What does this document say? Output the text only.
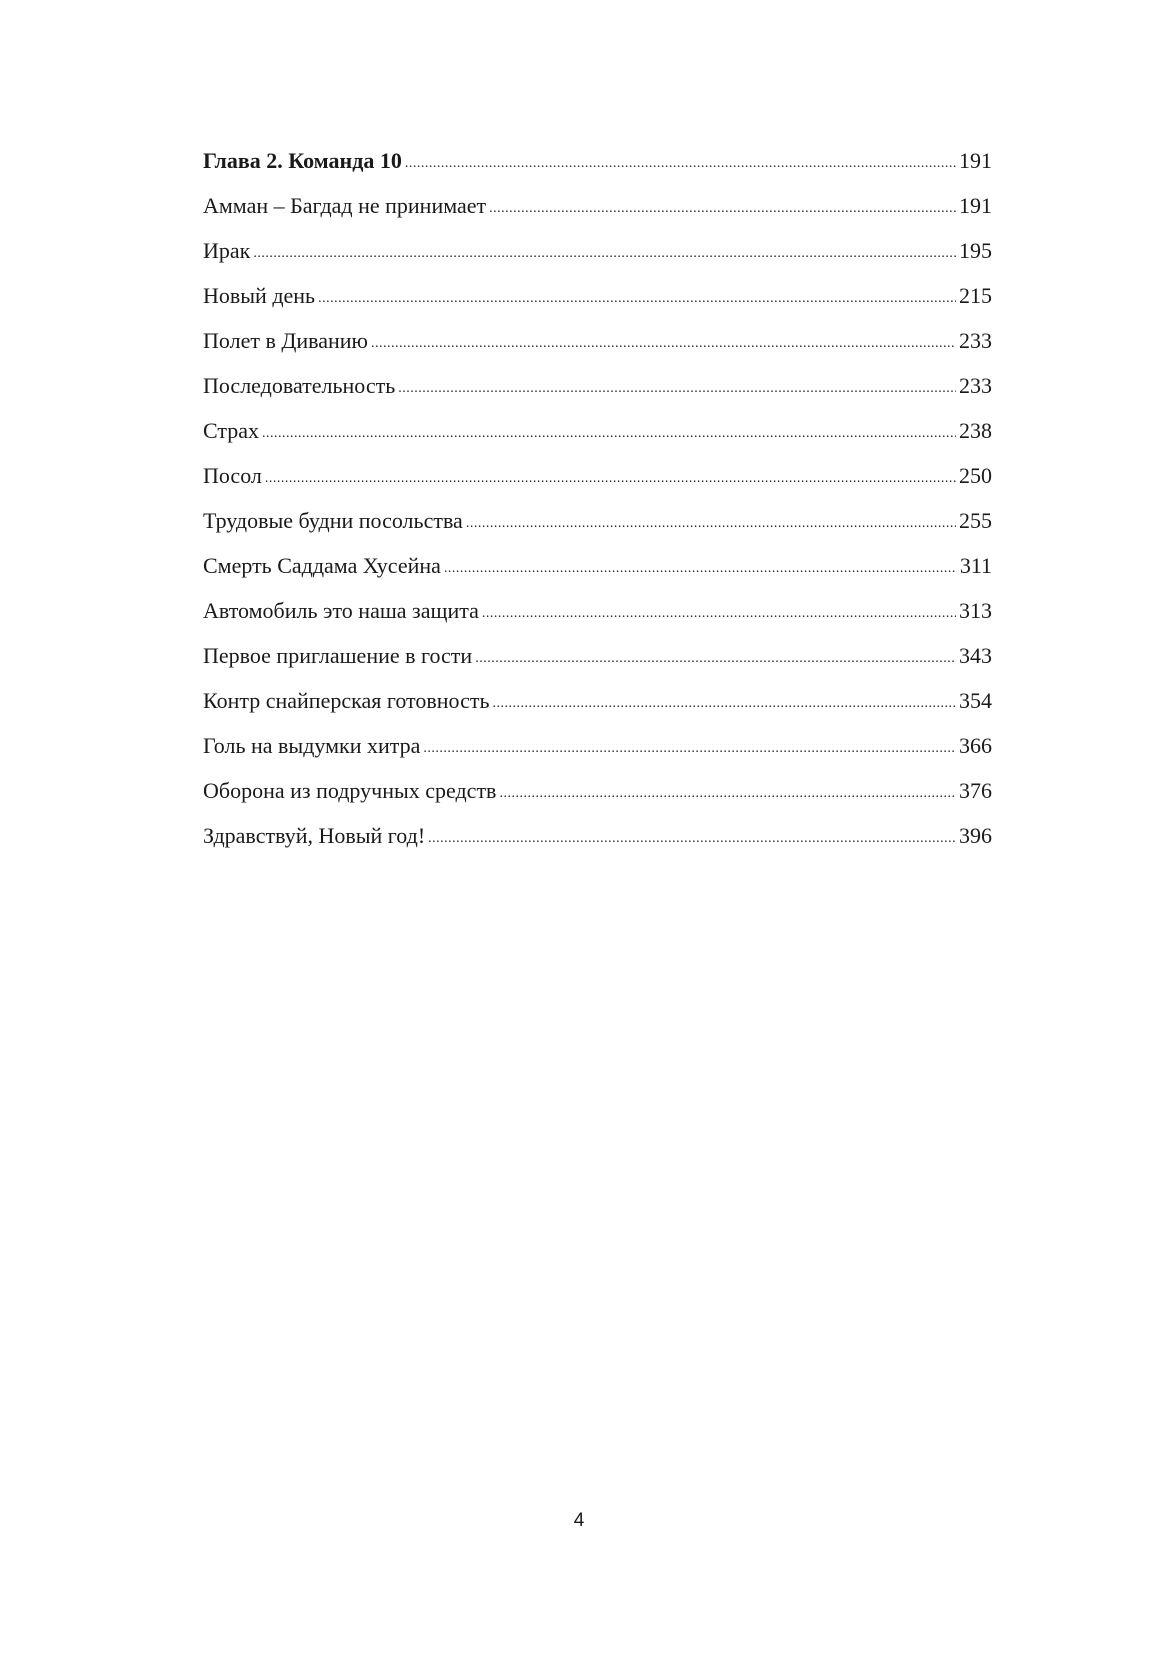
Глава 2. Команда 10 .....	191
Амман – Багдад не принимает .....	191
Ирак .....	195
Новый день .....	215
Полет в Диванию .....	233
Последовательность .....	233
Страх .....	238
Посол .....	250
Трудовые будни посольства .....	255
Смерть Саддама Хусейна .....	311
Автомобиль это наша защита .....	313
Первое приглашение в гости .....	343
Контр снайперская готовность .....	354
Голь на выдумки хитра .....	366
Оборона из подручных средств .....	376
Здравствуй, Новый год! .....	396
4
